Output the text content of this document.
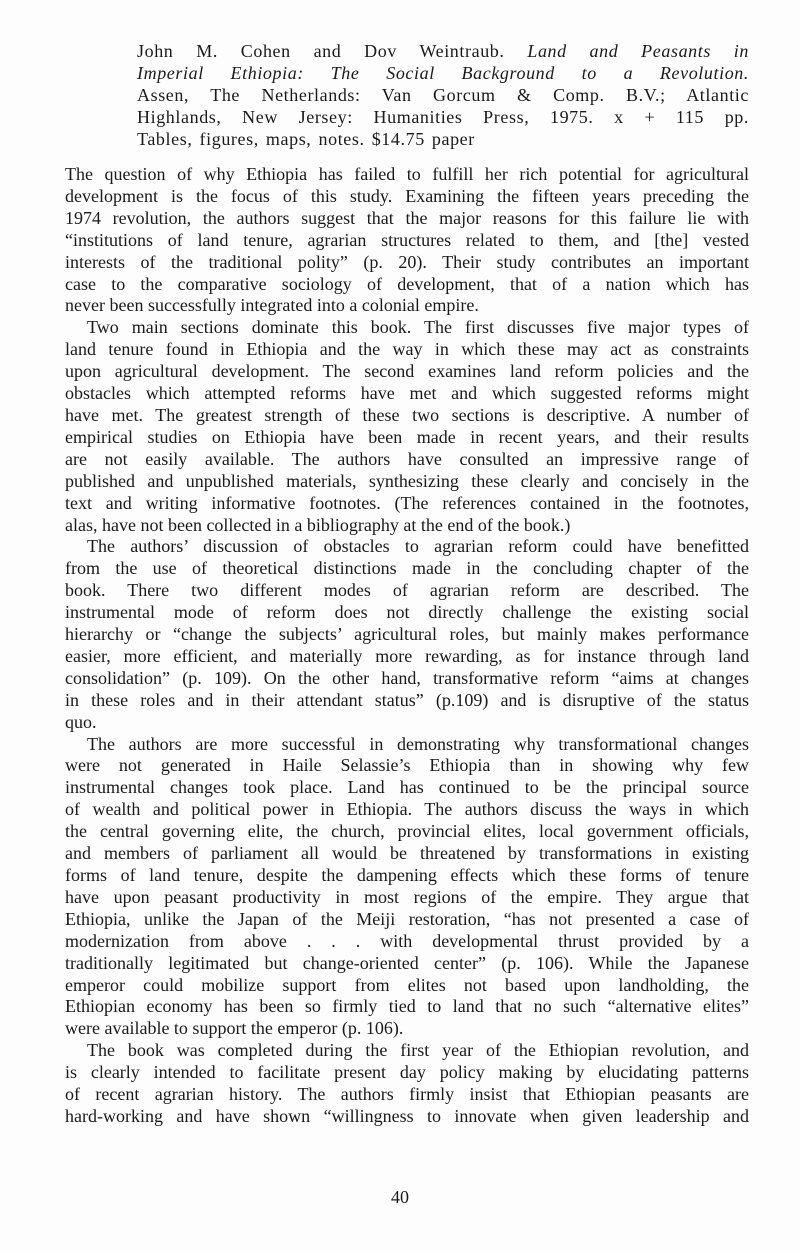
John M. Cohen and Dov Weintraub. Land and Peasants in
Imperial Ethiopia: The Social Background to a Revolution.
Assen, The Netherlands: Van Gorcum & Comp. B.V.; Atlantic
Highlands, New Jersey: Humanities Press, 1975. x + 115 pp.
Tables, figures, maps, notes. $14.75 paper

The question of why Ethiopia has failed to fulfill her rich potential for agricultural
development is the focus of this study. Examining the fifteen years preceding the
1974 revolution, the authors suggest that the major reasons for this failure lie with
“institutions of land tenure, agrarian structures related to them, and [the] vested
interests of the traditional polity” (p. 20). Their study contributes an important
case to the comparative sociology of development, that of a nation which has
never been successfully integrated into a colonial empire.

Two main sections dominate this book. The first discusses five major types of
land tenure found in Ethiopia and the way in which these may act as constraints
upon agricultural development. The second examines land reform policies and the
obstacles which attempted reforms have met and which suggested reforms might
have met. The greatest strength of these two sections is descriptive. A number of
empirical studies on Ethiopia have been made in recent years, and their results
are not easily available. The authors have consulted an impressive range of
published and unpublished materials, synthesizing these clearly and concisely in the
text and writing informative footnotes. (The references contained in the footnotes,
alas, have not been collected in a bibliography at the end of the book.)

The authors’ discussion of obstacles to agrarian reform could have benefitted
from the use of theoretical distinctions made in the concluding chapter of the
book. There two different modes of agrarian reform are described. The
instrumental mode of reform does not directly challenge the existing social
hierarchy or “change the subjects’ agricultural roles, but mainly makes performance
easier, more efficient, and materially more rewarding, as for instance through land
consolidation” (p. 109). On the other hand, transformative reform “aims at changes
in these roles and in their attendant status” (p.109) and is disruptive of the status
quo.

The authors are more successful in demonstrating why transformational changes
were not generated in Haile Selassie’s Ethiopia than in showing why few
instrumental changes took place. Land has continued to be the principal source
of wealth and political power in Ethiopia. The authors discuss the ways in which
the central governing elite, the church, provincial elites, local government officials,
and members of parliament all would be threatened by transformations in existing
forms of land tenure, despite the dampening effects which these forms of tenure
have upon peasant productivity in most regions of the empire. They argue that
Ethiopia, unlike the Japan of the Meiji restoration, “has not presented a case of
modernization from above . . . with developmental thrust provided by a
traditionally legitimated but change-oriented center” (p. 106). While the Japanese
emperor could mobilize support from elites not based upon landholding, the
Ethiopian economy has been so firmly tied to land that no such “alternative elites”
were available to support the emperor (p. 106).

The book was completed during the first year of the Ethiopian revolution, and
is clearly intended to facilitate present day policy making by elucidating patterns
of recent agrarian history. The authors firmly insist that Ethiopian peasants are
hard-working and have shown “willingness to innovate when given leadership and

40
